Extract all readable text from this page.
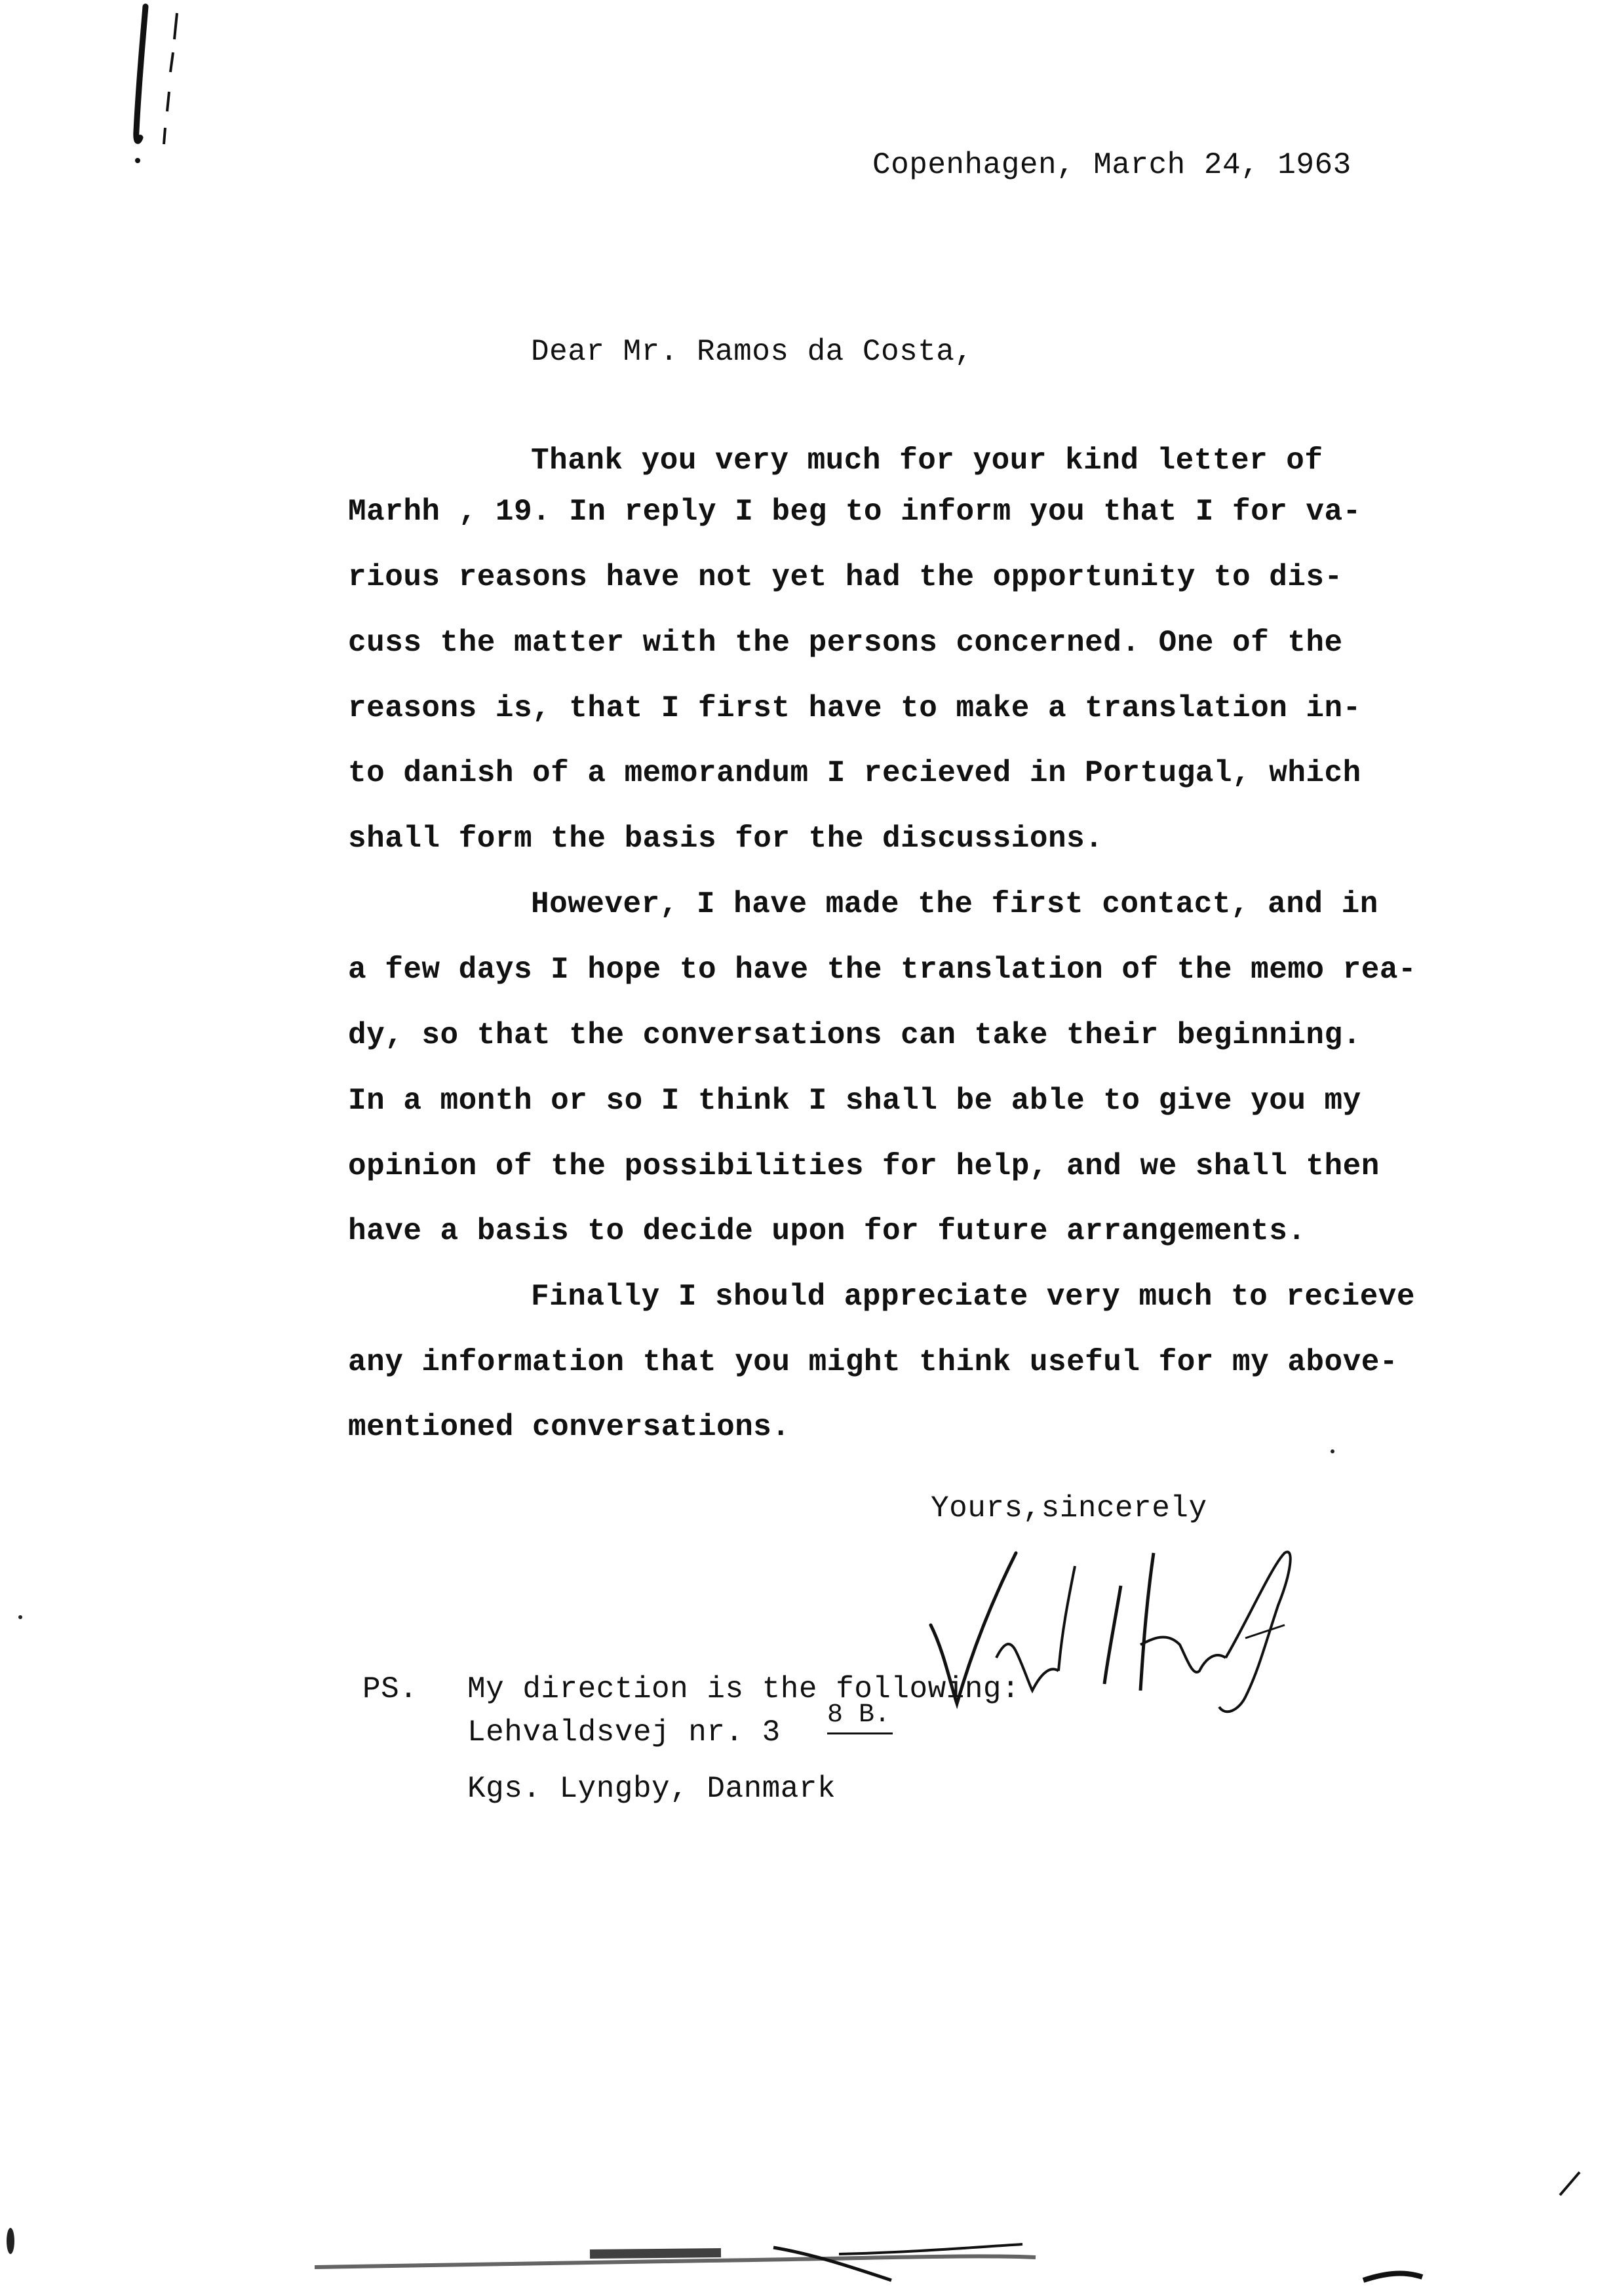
Copenhagen, March 24, 1963
Dear Mr. Ramos da Costa,
Thank you very much for your kind letter of
Marhh , 19. In reply I beg to inform you that I for va-
rious reasons have not yet had the opportunity to dis-
cuss the matter with the persons concerned. One of the
reasons is, that I first have to make a translation in-
to danish of a memorandum I recieved in Portugal, which
shall form the basis for the discussions.
However, I have made the first contact, and in
a few days I hope to have the translation of the memo rea-
dy, so that the conversations can take their beginning.
In a month or so I think I shall be able to give you my
opinion of the possibilities for help, and we shall then
have a basis to decide upon for future arrangements.
Finally I should appreciate very much to recieve
any information that you might think useful for my above-
mentioned conversations.
Yours,sincerely
PS. My direction is the following:
Lehvaldsvej nr. 3
8 B.
Kgs. Lyngby, Danmark
